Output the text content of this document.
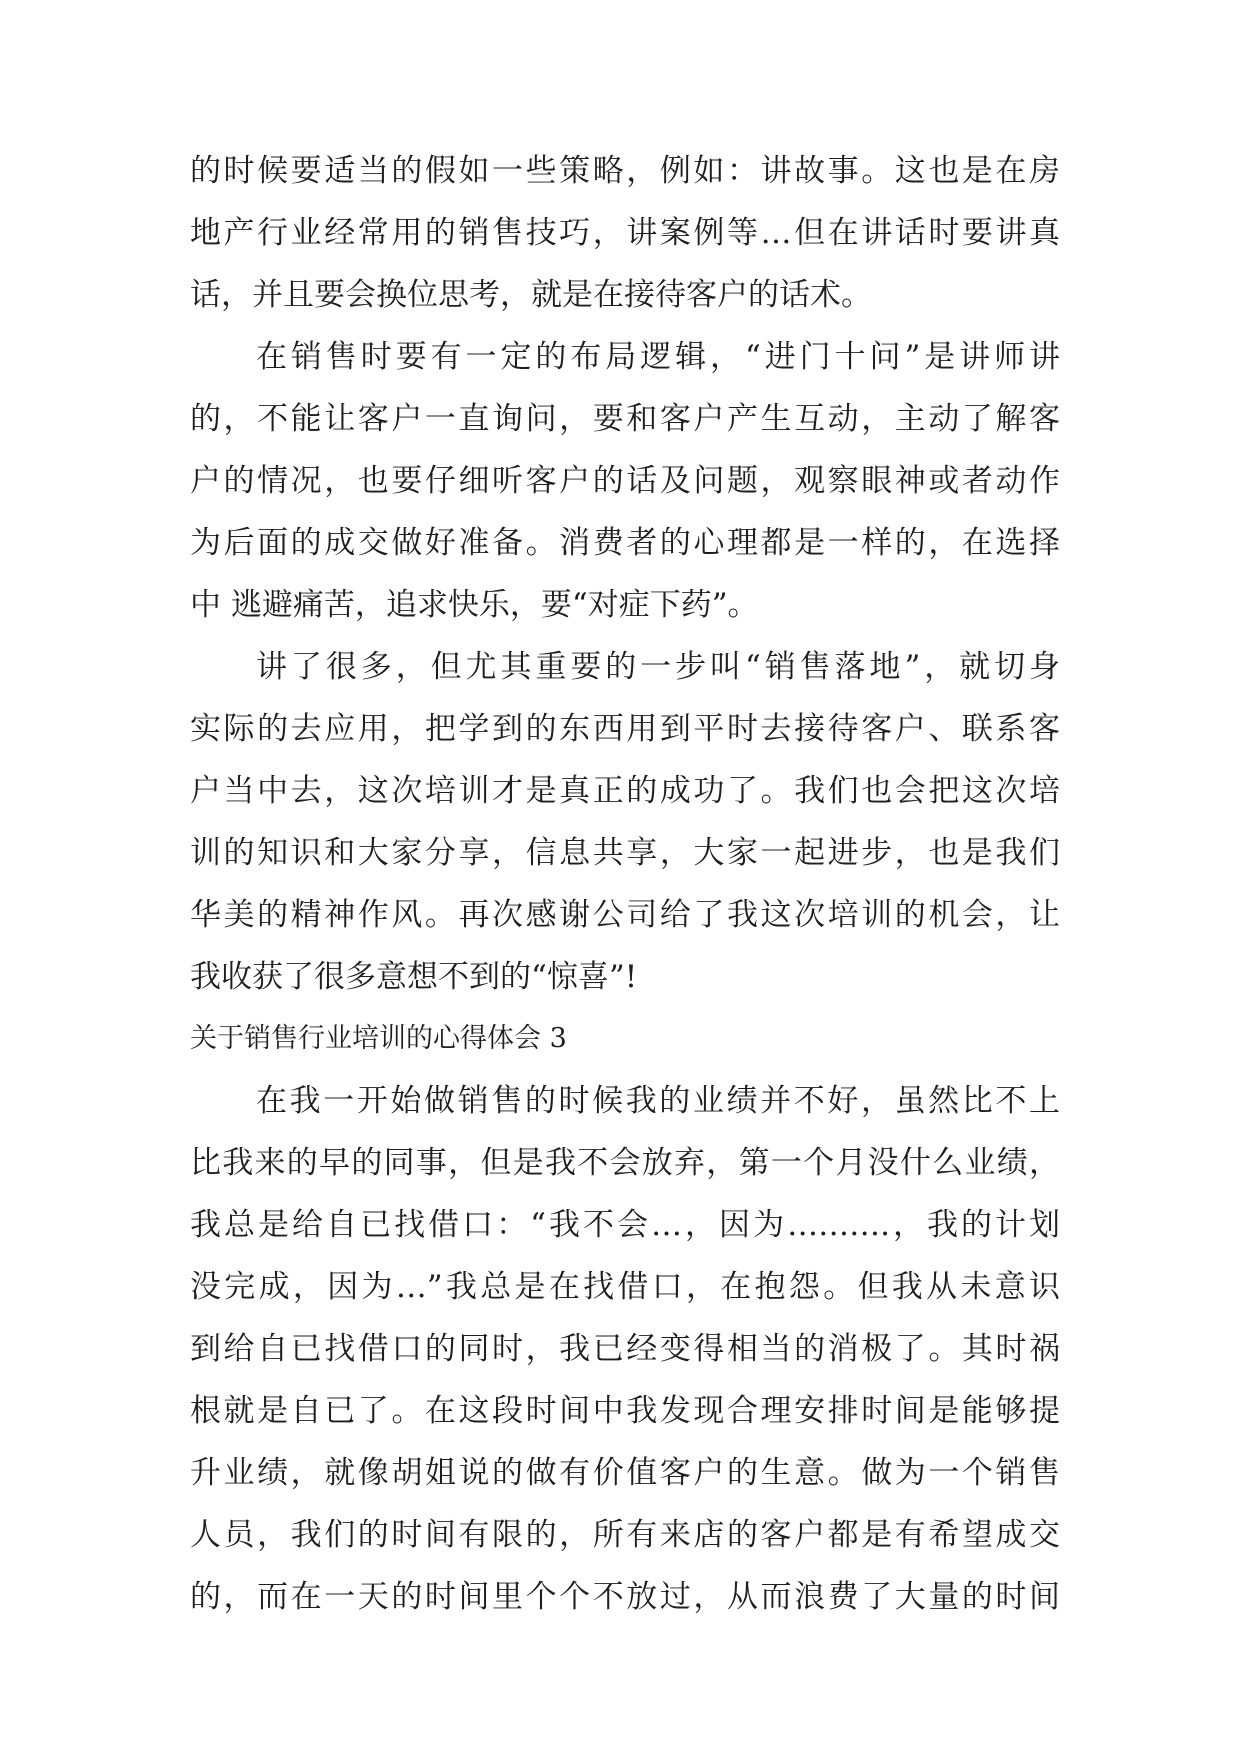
的时候要适当的假如一些策略，例如：讲故事。这也是在房
地产行业经常用的销售技巧，讲案例等…但在讲话时要讲真
话，并且要会换位思考，就是在接待客户的话术。
在销售时要有一定的布局逻辑，“进门十问”是讲师讲
的，不能让客户一直询问，要和客户产生互动，主动了解客
户的情况，也要仔细听客户的话及问题，观察眼神或者动作
为后面的成交做好准备。消费者的心理都是一样的，在选择
中 逃避痛苦，追求快乐，要“对症下药”。
讲了很多，但尤其重要的一步叫“销售落地”，就切身
实际的去应用，把学到的东西用到平时去接待客户、联系客
户当中去，这次培训才是真正的成功了。我们也会把这次培
训的知识和大家分享，信息共享，大家一起进步，也是我们
华美的精神作风。再次感谢公司给了我这次培训的机会，让
我收获了很多意想不到的“惊喜”!
关于销售行业培训的心得体会 3
在我一开始做销售的时候我的业绩并不好，虽然比不上
比我来的早的同事，但是我不会放弃，第一个月没什么业绩，
我总是给自已找借口：“我不会…，因为……….，我的计划
没完成，因为…”我总是在找借口，在抱怨。但我从未意识
到给自已找借口的同时，我已经变得相当的消极了。其时祸
根就是自已了。在这段时间中我发现合理安排时间是能够提
升业绩，就像胡姐说的做有价值客户的生意。做为一个销售
人员，我们的时间有限的，所有来店的客户都是有希望成交
的，而在一天的时间里个个不放过，从而浪费了大量的时间
